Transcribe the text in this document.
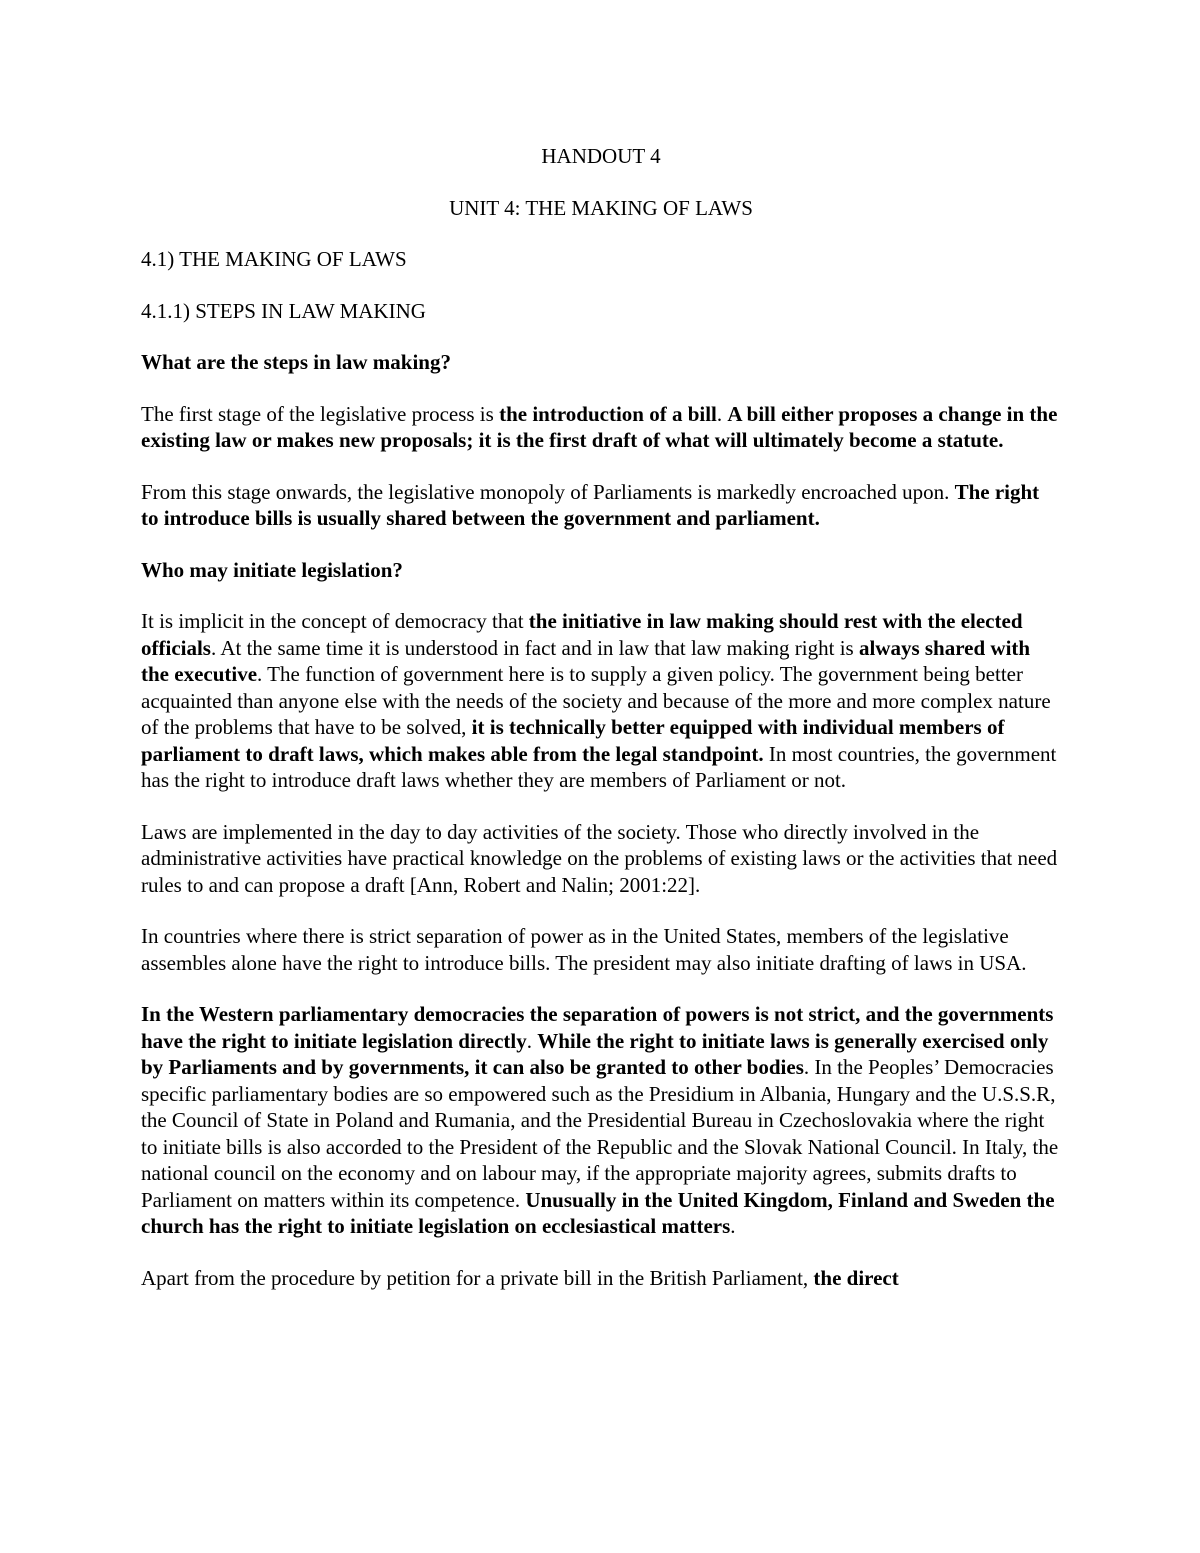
HANDOUT 4

UNIT 4: THE MAKING OF LAWS

4.1) THE MAKING OF LAWS

4.1.1) STEPS IN LAW MAKING

What are the steps in law making?

The first stage of the legislative process is the introduction of a bill. A bill either proposes a change in the existing law or makes new proposals; it is the first draft of what will ultimately become a statute.

From this stage onwards, the legislative monopoly of Parliaments is markedly encroached upon. The right to introduce bills is usually shared between the government and parliament.

Who may initiate legislation?

It is implicit in the concept of democracy that the initiative in law making should rest with the elected officials. At the same time it is understood in fact and in law that law making right is always shared with the executive. The function of government here is to supply a given policy. The government being better acquainted than anyone else with the needs of the society and because of the more and more complex nature of the problems that have to be solved, it is technically better equipped with individual members of parliament to draft laws, which makes able from the legal standpoint. In most countries, the government has the right to introduce draft laws whether they are members of Parliament or not.

Laws are implemented in the day to day activities of the society. Those who directly involved in the administrative activities have practical knowledge on the problems of existing laws or the activities that need rules to and can propose a draft [Ann, Robert and Nalin; 2001:22].

In countries where there is strict separation of power as in the United States, members of the legislative assembles alone have the right to introduce bills. The president may also initiate drafting of laws in USA.

In the Western parliamentary democracies the separation of powers is not strict, and the governments have the right to initiate legislation directly. While the right to initiate laws is generally exercised only by Parliaments and by governments, it can also be granted to other bodies. In the Peoples’ Democracies specific parliamentary bodies are so empowered such as the Presidium in Albania, Hungary and the U.S.S.R, the Council of State in Poland and Rumania, and the Presidential Bureau in Czechoslovakia where the right to initiate bills is also accorded to the President of the Republic and the Slovak National Council. In Italy, the national council on the economy and on labour may, if the appropriate majority agrees, submits drafts to Parliament on matters within its competence. Unusually in the United Kingdom, Finland and Sweden the church has the right to initiate legislation on ecclesiastical matters.

Apart from the procedure by petition for a private bill in the British Parliament, the direct
